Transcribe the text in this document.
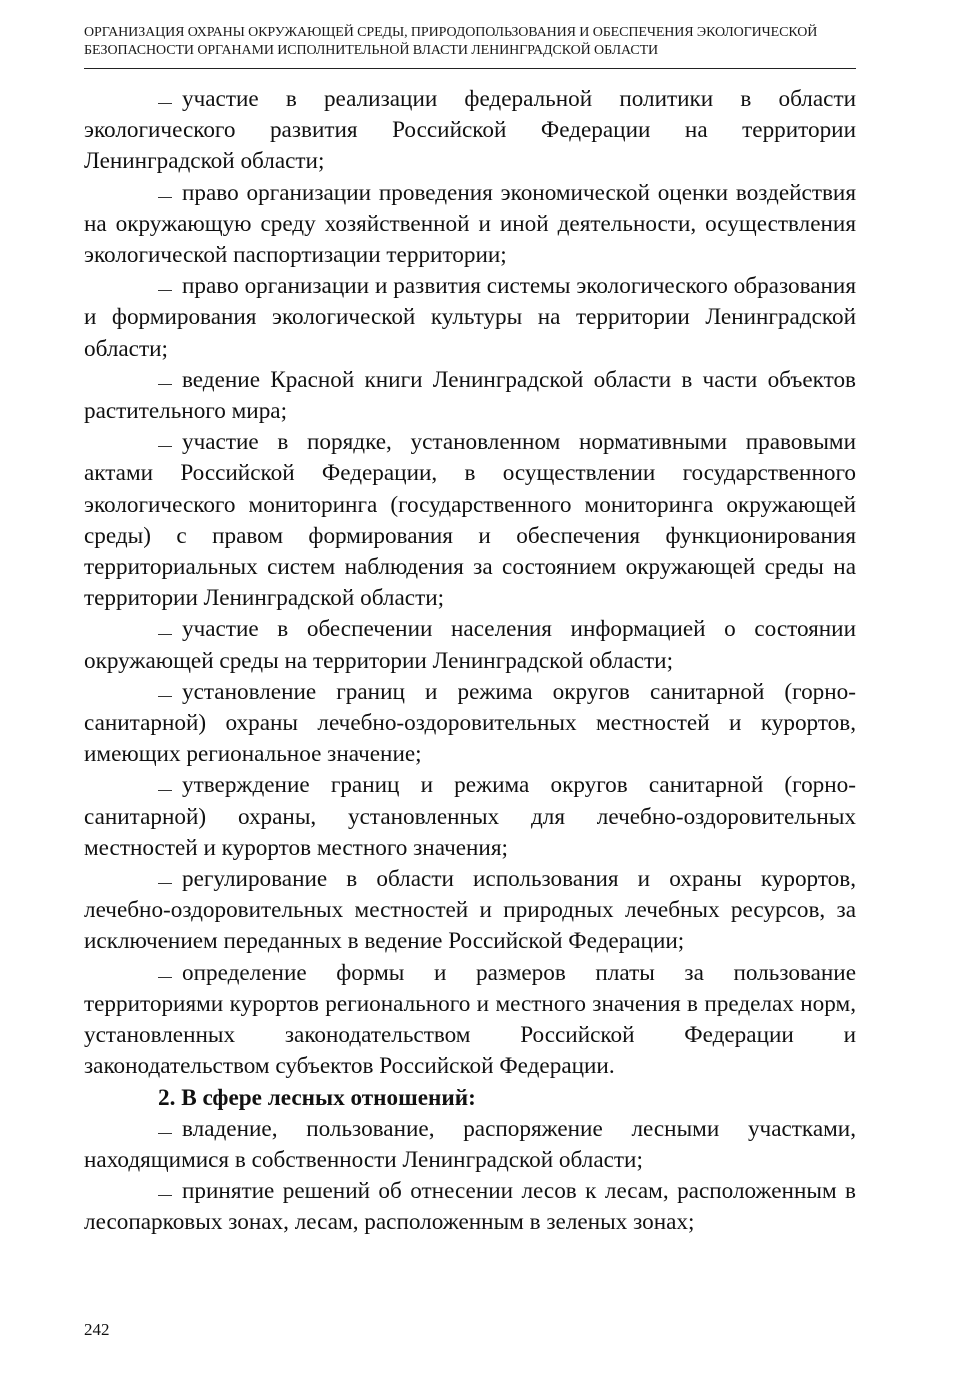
ОРГАНИЗАЦИЯ ОХРАНЫ ОКРУЖАЮЩЕЙ СРЕДЫ, ПРИРОДОПОЛЬЗОВАНИЯ И ОБЕСПЕЧЕНИЯ ЭКОЛОГИЧЕСКОЙ БЕЗОПАСНОСТИ ОРГАНАМИ ИСПОЛНИТЕЛЬНОЙ ВЛАСТИ ЛЕНИНГРАДСКОЙ ОБЛАСТИ

участие в реализации федеральной политики в области экологического развития Российской Федерации на территории Ленинградской области;

право организации проведения экономической оценки воздействия на окружающую среду хозяйственной и иной деятельности, осуществления экологической паспортизации территории;

право организации и развития системы экологического образования и формирования экологической культуры на территории Ленинградской области;

ведение Красной книги Ленинградской области в части объектов растительного мира;

участие в порядке, установленном нормативными правовыми актами Российской Федерации, в осуществлении государственного экологического мониторинга (государственного мониторинга окружающей среды) с правом формирования и обеспечения функционирования территориальных систем наблюдения за состоянием окружающей среды на территории Ленинградской области;

участие в обеспечении населения информацией о состоянии окружающей среды на территории Ленинградской области;

установление границ и режима округов санитарной (горно-санитарной) охраны лечебно-оздоровительных местностей и курортов, имеющих региональное значение;

утверждение границ и режима округов санитарной (горно-санитарной) охраны, установленных для лечебно-оздоровительных местностей и курортов местного значения;

регулирование в области использования и охраны курортов, лечебно-оздоровительных местностей и природных лечебных ресурсов, за исключением переданных в ведение Российской Федерации;

определение формы и размеров платы за пользование территориями курортов регионального и местного значения в пределах норм, установленных законодательством Российской Федерации и законодательством субъектов Российской Федерации.

2. В сфере лесных отношений:

владение, пользование, распоряжение лесными участками, находящимися в собственности Ленинградской области;

принятие решений об отнесении лесов к лесам, расположенным в лесопарковых зонах, лесам, расположенным в зеленых зонах;

242
